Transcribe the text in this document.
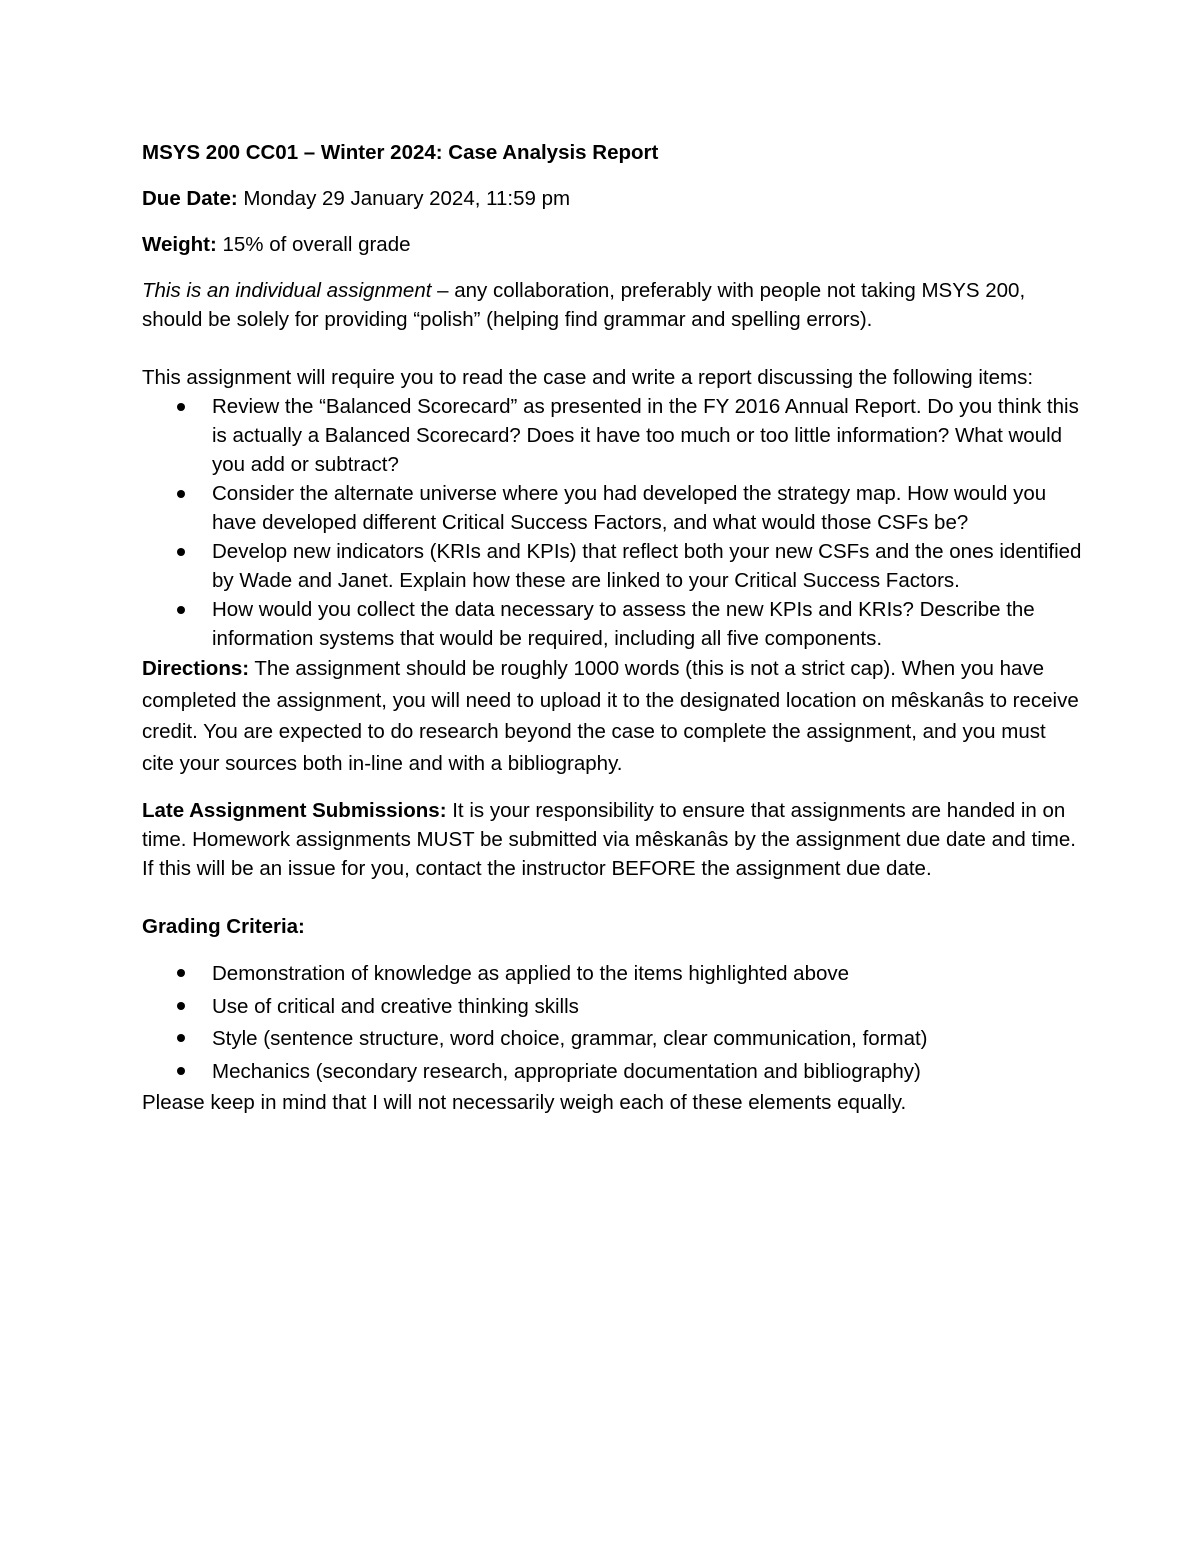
MSYS 200 CC01 – Winter 2024: Case Analysis Report

Due Date: Monday 29 January 2024, 11:59 pm

Weight: 15% of overall grade

This is an individual assignment – any collaboration, preferably with people not taking MSYS 200, should be solely for providing “polish” (helping find grammar and spelling errors).

This assignment will require you to read the case and write a report discussing the following items:

Review the “Balanced Scorecard” as presented in the FY 2016 Annual Report. Do you think this is actually a Balanced Scorecard? Does it have too much or too little information? What would you add or subtract?
Consider the alternate universe where you had developed the strategy map. How would you have developed different Critical Success Factors, and what would those CSFs be?
Develop new indicators (KRIs and KPIs) that reflect both your new CSFs and the ones identified by Wade and Janet. Explain how these are linked to your Critical Success Factors.
How would you collect the data necessary to assess the new KPIs and KRIs? Describe the information systems that would be required, including all five components.

Directions: The assignment should be roughly 1000 words (this is not a strict cap). When you have completed the assignment, you will need to upload it to the designated location on mêskanâs to receive credit. You are expected to do research beyond the case to complete the assignment, and you must cite your sources both in-line and with a bibliography.

Late Assignment Submissions: It is your responsibility to ensure that assignments are handed in on time. Homework assignments MUST be submitted via mêskanâs by the assignment due date and time. If this will be an issue for you, contact the instructor BEFORE the assignment due date.

Grading Criteria:

Demonstration of knowledge as applied to the items highlighted above
Use of critical and creative thinking skills
Style (sentence structure, word choice, grammar, clear communication, format)
Mechanics (secondary research, appropriate documentation and bibliography)

Please keep in mind that I will not necessarily weigh each of these elements equally.
